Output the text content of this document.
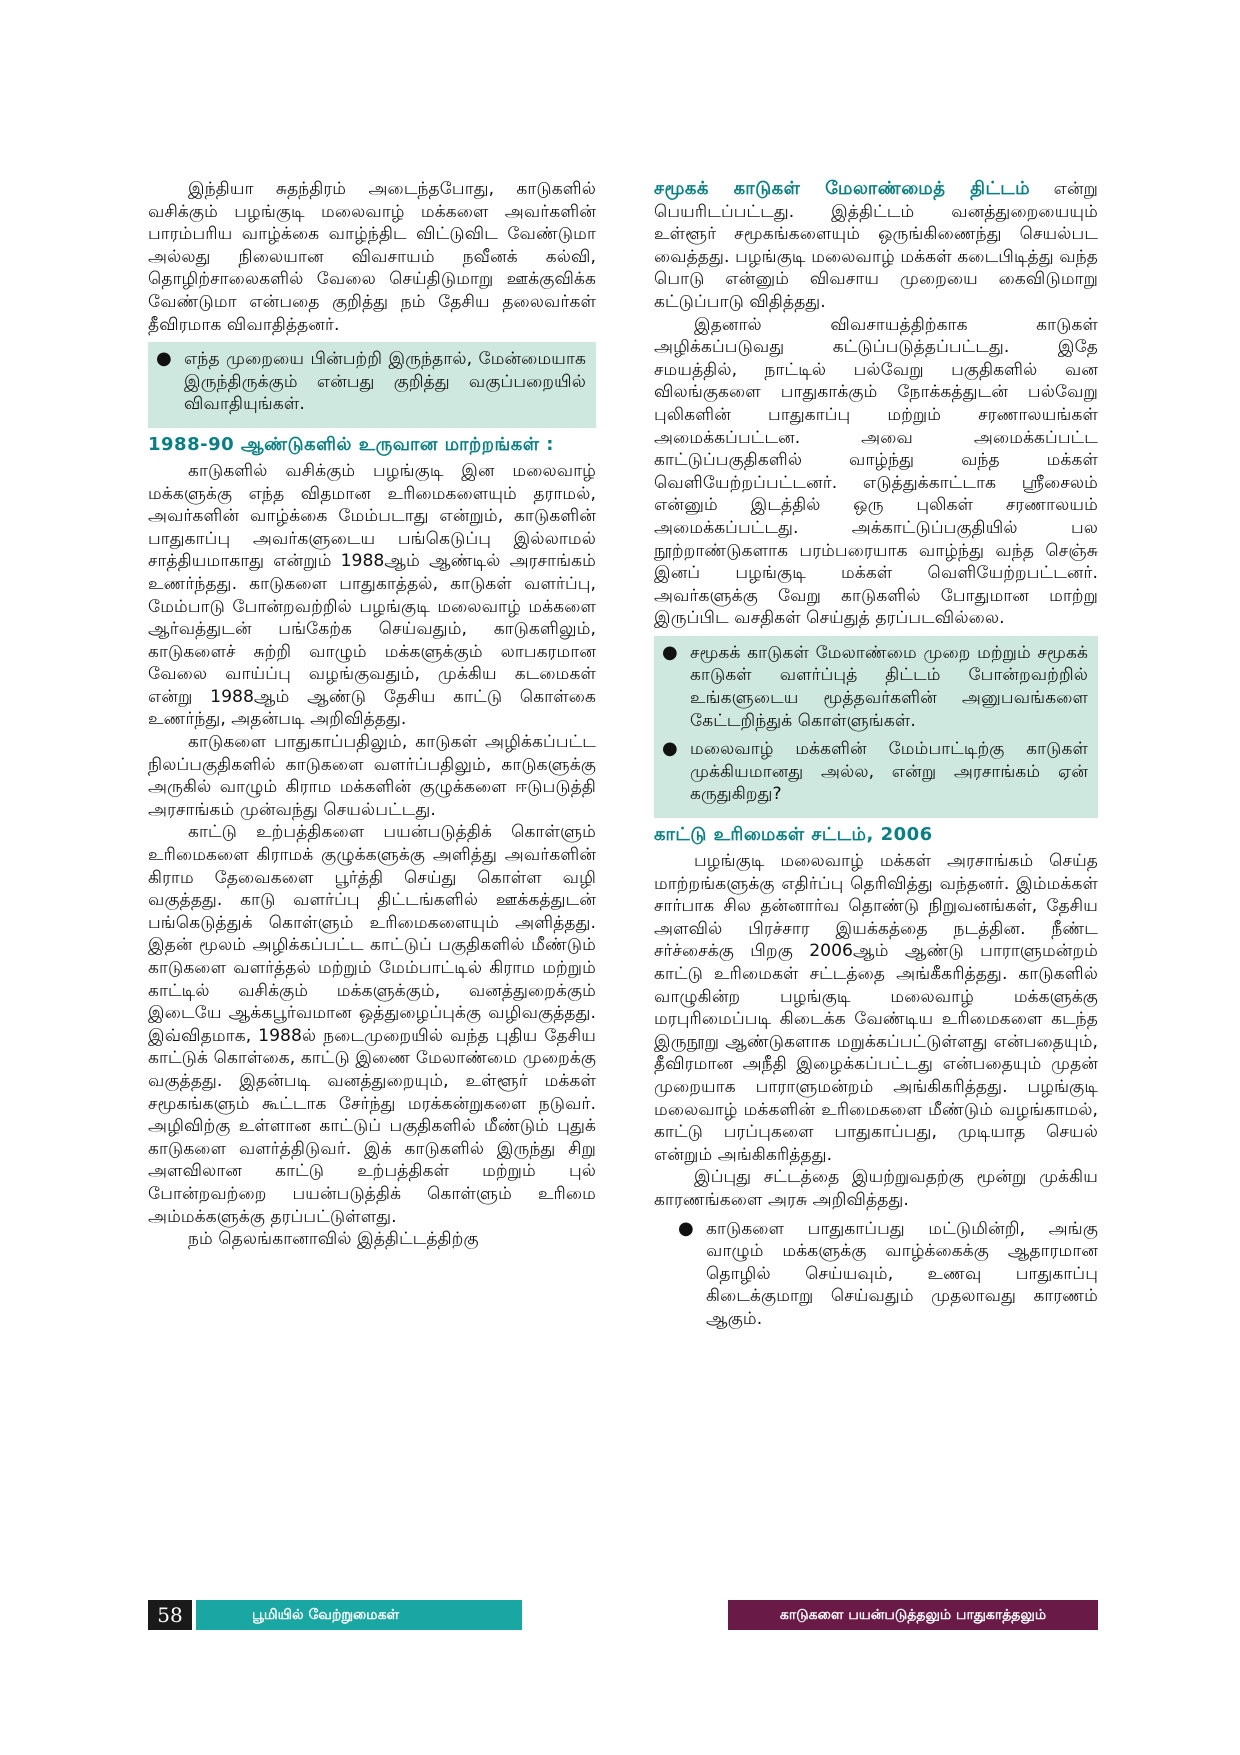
இந்தியா சுதந்திரம் அடைந்தபோது, காடுகளில் வசிக்கும் பழங்குடி மலைவாழ் மக்களை அவர்களின் பாரம்பரிய வாழ்க்கை வாழ்ந்திட விட்டுவிட வேண்டுமா அல்லது நிலையான விவசாயம் நவீனக் கல்வி, தொழிற்சாலைகளில் வேலை செய்திடுமாறு ஊக்குவிக்க வேண்டுமா என்பதை குறித்து நம் தேசிய தலைவர்கள் தீவிரமாக விவாதித்தனர்.

● எந்த முறையை பின்பற்றி இருந்தால், மேன்மையாக இருந்திருக்கும் என்பது குறித்து வகுப்பறையில் விவாதியுங்கள்.
1988-90 ஆண்டுகளில் உருவான மாற்றங்கள் :

காடுகளில் வசிக்கும் பழங்குடி இன மலைவாழ் மக்களுக்கு எந்த விதமான உரிமைகளையும் தராமல், அவர்களின் வாழ்க்கை மேம்படாது என்றும், காடுகளின் பாதுகாப்பு அவர்களுடைய பங்கெடுப்பு இல்லாமல் சாத்தியமாகாது என்றும் 1988ஆம் ஆண்டில் அரசாங்கம் உணர்ந்தது. காடுகளை பாதுகாத்தல், காடுகள் வளர்ப்பு, மேம்பாடு போன்றவற்றில் பழங்குடி மலைவாழ் மக்களை ஆர்வத்துடன் பங்கேற்க செய்வதும், காடுகளிலும், காடுகளைச் சுற்றி வாழும் மக்களுக்கும் லாபகரமான வேலை வாய்ப்பு வழங்குவதும், முக்கிய கடமைகள் என்று 1988ஆம் ஆண்டு தேசிய காட்டு கொள்கை உணர்ந்து, அதன்படி அறிவித்தது.

காடுகளை பாதுகாப்பதிலும், காடுகள் அழிக்கப்பட்ட நிலப்பகுதிகளில் காடுகளை வளர்ப்பதிலும், காடுகளுக்கு அருகில் வாழும் கிராம மக்களின் குழுக்களை ஈடுபடுத்தி அரசாங்கம் முன்வந்து செயல்பட்டது.

காட்டு உற்பத்திகளை பயன்படுத்திக் கொள்ளும் உரிமைகளை கிராமக் குழுக்களுக்கு அளித்து அவர்களின் கிராம தேவைகளை பூர்த்தி செய்து கொள்ள வழி வகுத்தது. காடு வளர்ப்பு திட்டங்களில் ஊக்கத்துடன் பங்கெடுத்துக் கொள்ளும் உரிமைகளையும் அளித்தது. இதன் மூலம் அழிக்கப்பட்ட காட்டுப் பகுதிகளில் மீண்டும் காடுகளை வளர்த்தல் மற்றும் மேம்பாட்டில் கிராம மற்றும் காட்டில் வசிக்கும் மக்களுக்கும், வனத்துறைக்கும் இடையே ஆக்கபூர்வமான ஒத்துழைப்புக்கு வழிவகுத்தது. இவ்விதமாக, 1988ல் நடைமுறையில் வந்த புதிய தேசிய காட்டுக் கொள்கை, காட்டு இணை மேலாண்மை முறைக்கு வகுத்தது. இதன்படி வனத்துறையும், உள்ளூர் மக்கள் சமூகங்களும் கூட்டாக சேர்ந்து மரக்கன்றுகளை நடுவர். அழிவிற்கு உள்ளான காட்டுப் பகுதிகளில் மீண்டும் புதுக் காடுகளை வளர்த்திடுவர். இக் காடுகளில் இருந்து சிறு அளவிலான காட்டு உற்பத்திகள் மற்றும் புல் போன்றவற்றை பயன்படுத்திக் கொள்ளும் உரிமை அம்மக்களுக்கு தரப்பட்டுள்ளது.

நம் தெலங்கானாவில் இத்திட்டத்திற்கு

சமூகக் காடுகள் மேலாண்மைத் திட்டம் என்று பெயரிடப்பட்டது. இத்திட்டம் வனத்துறையையும் உள்ளூர் சமூகங்களையும் ஒருங்கிணைந்து செயல்பட வைத்தது. பழங்குடி மலைவாழ் மக்கள் கடைபிடித்து வந்த பொடு என்னும் விவசாய முறையை கைவிடுமாறு கட்டுப்பாடு விதித்தது.

இதனால் விவசாயத்திற்காக காடுகள் அழிக்கப்படுவது கட்டுப்படுத்தப்பட்டது. இதே சமயத்தில், நாட்டில் பல்வேறு பகுதிகளில் வன விலங்குகளை பாதுகாக்கும் நோக்கத்துடன் பல்வேறு புலிகளின் பாதுகாப்பு மற்றும் சரணாலயங்கள் அமைக்கப்பட்டன. அவை அமைக்கப்பட்ட காட்டுப்பகுதிகளில் வாழ்ந்து வந்த மக்கள் வெளியேற்றப்பட்டனர். எடுத்துக்காட்டாக ஸ்ரீசைலம் என்னும் இடத்தில் ஒரு புலிகள் சரணாலயம் அமைக்கப்பட்டது. அக்காட்டுப்பகுதியில் பல நூற்றாண்டுகளாக பரம்பரையாக வாழ்ந்து வந்த செஞ்சு இனப் பழங்குடி மக்கள் வெளியேற்றபட்டனர். அவர்களுக்கு வேறு காடுகளில் போதுமான மாற்று இருப்பிட வசதிகள் செய்துத் தரப்படவில்லை.

● சமூகக் காடுகள் மேலாண்மை முறை மற்றும் சமூகக் காடுகள் வளர்ப்புத் திட்டம் போன்றவற்றில் உங்களுடைய மூத்தவர்களின் அனுபவங்களை கேட்டறிந்துக் கொள்ளுங்கள்.
● மலைவாழ் மக்களின் மேம்பாட்டிற்கு காடுகள் முக்கியமானது அல்ல, என்று அரசாங்கம் ஏன் கருதுகிறது?
காட்டு உரிமைகள் சட்டம், 2006

பழங்குடி மலைவாழ் மக்கள் அரசாங்கம் செய்த மாற்றங்களுக்கு எதிர்ப்பு தெரிவித்து வந்தனர். இம்மக்கள் சார்பாக சில தன்னார்வ தொண்டு நிறுவனங்கள், தேசிய அளவில் பிரச்சார இயக்கத்தை நடத்தின. நீண்ட சர்ச்சைக்கு பிறகு 2006ஆம் ஆண்டு பாராளுமன்றம் காட்டு உரிமைகள் சட்டத்தை அங்கீகரித்தது. காடுகளில் வாழுகின்ற பழங்குடி மலைவாழ் மக்களுக்கு மரபுரிமைப்படி கிடைக்க வேண்டிய உரிமைகளை கடந்த இருநூறு ஆண்டுகளாக மறுக்கப்பட்டுள்ளது என்பதையும், தீவிரமான அநீதி இழைக்கப்பட்டது என்பதையும் முதன் முறையாக பாராளுமன்றம் அங்கிகரித்தது. பழங்குடி மலைவாழ் மக்களின் உரிமைகளை மீண்டும் வழங்காமல், காட்டு பரப்புகளை பாதுகாப்பது, முடியாத செயல் என்றும் அங்கிகரித்தது.

இப்புது சட்டத்தை இயற்றுவதற்கு மூன்று முக்கிய காரணங்களை அரசு அறிவித்தது.

● காடுகளை பாதுகாப்பது மட்டுமின்றி, அங்கு வாழும் மக்களுக்கு வாழ்க்கைக்கு ஆதாரமான தொழில் செய்யவும், உணவு பாதுகாப்பு கிடைக்குமாறு செய்வதும் முதலாவது காரணம் ஆகும்.
58	பூமியில் வேற்றுமைகள்	காடுகளை பயன்படுத்தலும் பாதுகாத்தலும்
